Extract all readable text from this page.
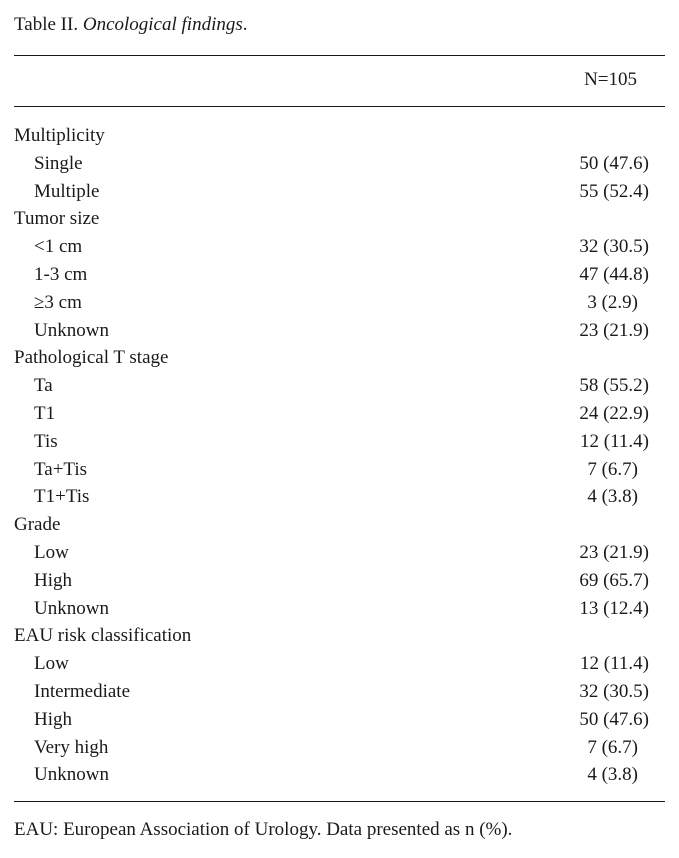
Table II. Oncological findings.
N=105
Multiplicity
Single	50 (47.6)
Multiple	55 (52.4)
Tumor size
<1 cm	32 (30.5)
1-3 cm	47 (44.8)
≥3 cm	3 (2.9)
Unknown	23 (21.9)
Pathological T stage
Ta	58 (55.2)
T1	24 (22.9)
Tis	12 (11.4)
Ta+Tis	7 (6.7)
T1+Tis	4 (3.8)
Grade
Low	23 (21.9)
High	69 (65.7)
Unknown	13 (12.4)
EAU risk classification
Low	12 (11.4)
Intermediate	32 (30.5)
High	50 (47.6)
Very high	7 (6.7)
Unknown	4 (3.8)
EAU: European Association of Urology. Data presented as n (%).
